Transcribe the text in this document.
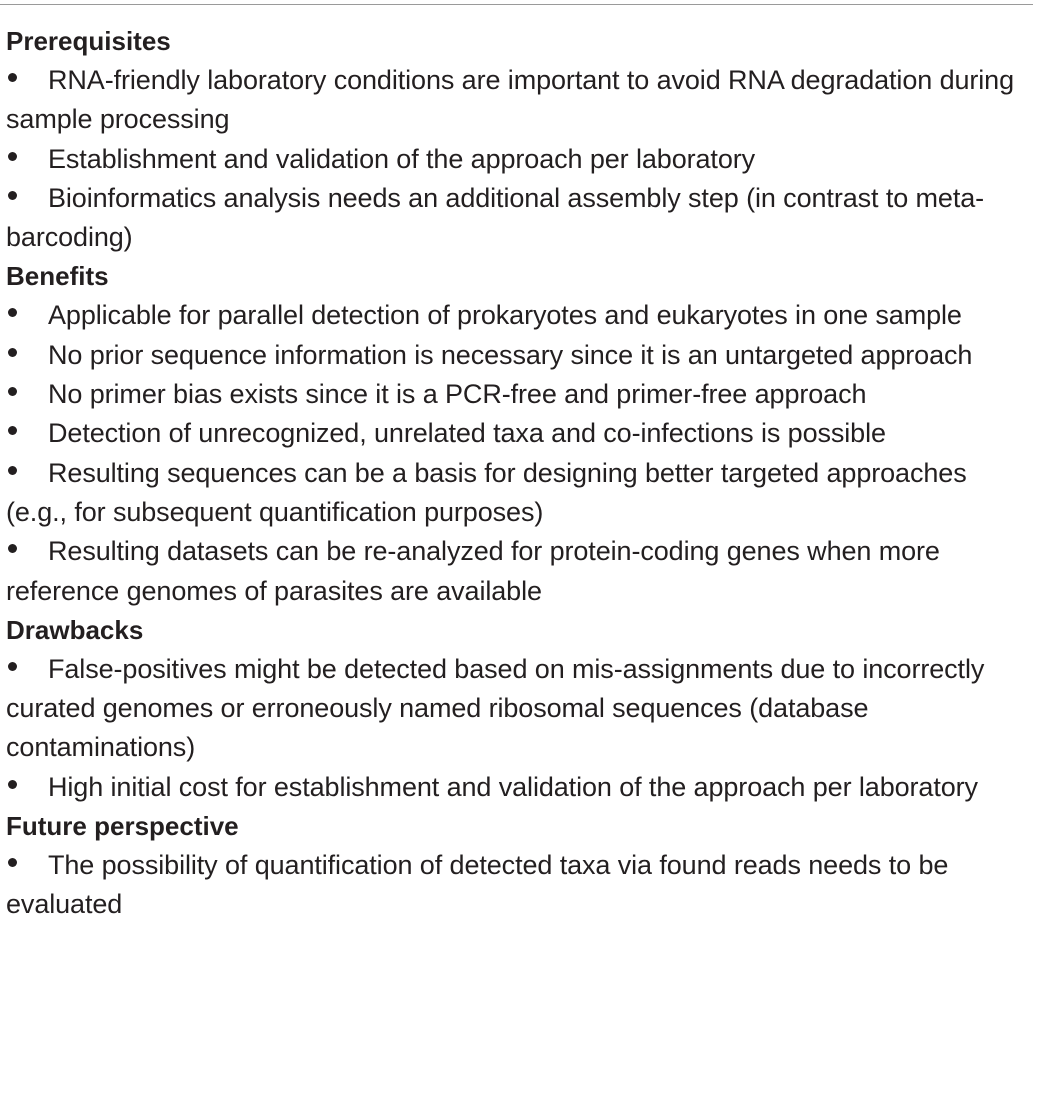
Prerequisites
RNA-friendly laboratory conditions are important to avoid RNA degradation during sample processing
Establishment and validation of the approach per laboratory
Bioinformatics analysis needs an additional assembly step (in contrast to meta-barcoding)
Benefits
Applicable for parallel detection of prokaryotes and eukaryotes in one sample
No prior sequence information is necessary since it is an untargeted approach
No primer bias exists since it is a PCR-free and primer-free approach
Detection of unrecognized, unrelated taxa and co-infections is possible
Resulting sequences can be a basis for designing better targeted approaches (e.g., for subsequent quantification purposes)
Resulting datasets can be re-analyzed for protein-coding genes when more reference genomes of parasites are available
Drawbacks
False-positives might be detected based on mis-assignments due to incorrectly curated genomes or erroneously named ribosomal sequences (database contaminations)
High initial cost for establishment and validation of the approach per laboratory
Future perspective
The possibility of quantification of detected taxa via found reads needs to be evaluated
